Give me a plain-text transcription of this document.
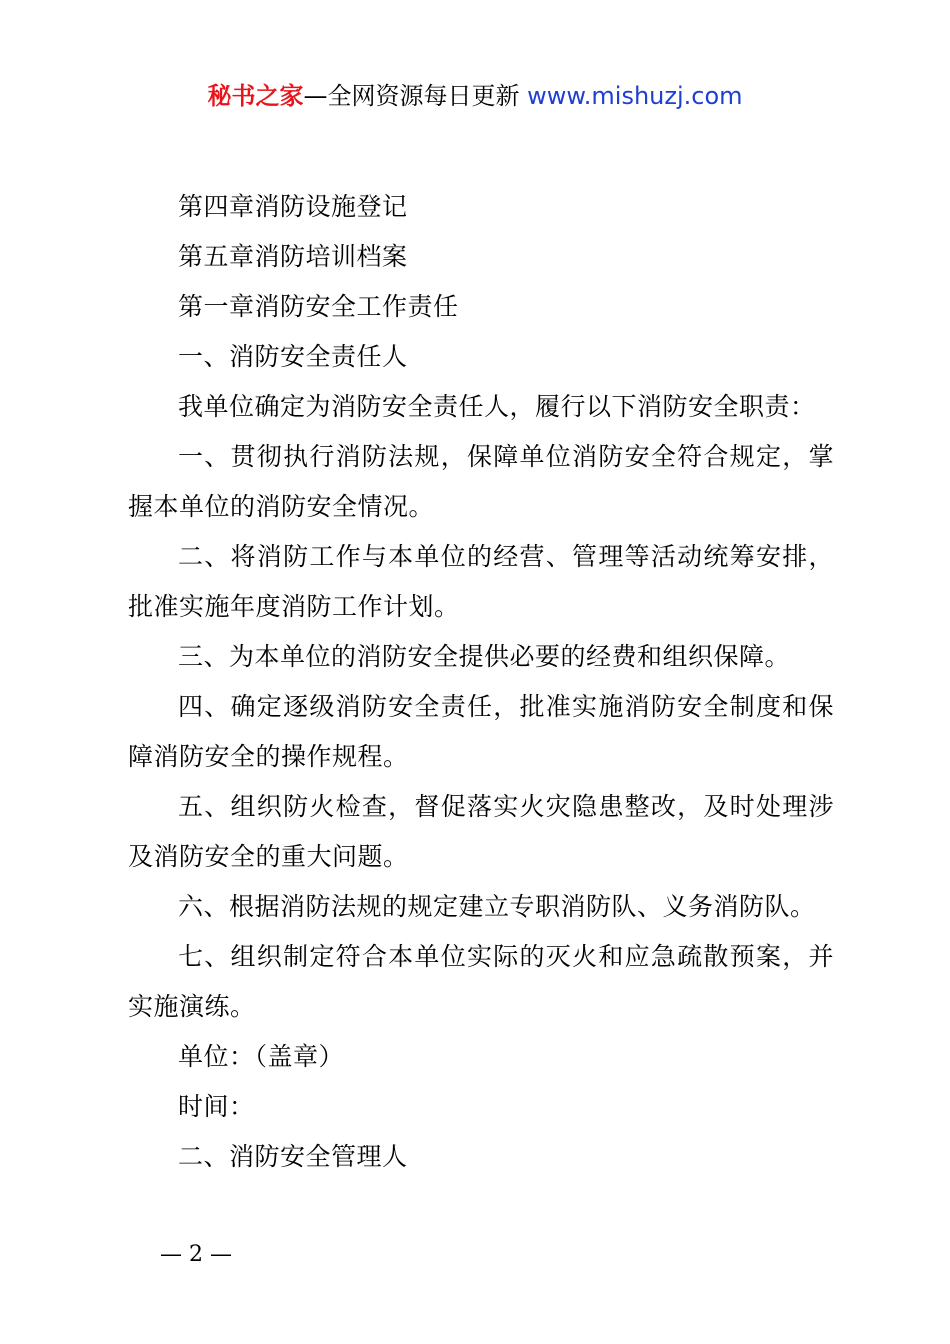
秘书之家—全网资源每日更新 www.mishuzj.com

第四章消防设施登记

第五章消防培训档案

第一章消防安全工作责任

一、消防安全责任人

我单位确定为消防安全责任人，履行以下消防安全职责：

一、贯彻执行消防法规，保障单位消防安全符合规定，掌握本单位的消防安全情况。

二、将消防工作与本单位的经营、管理等活动统筹安排，批准实施年度消防工作计划。

三、为本单位的消防安全提供必要的经费和组织保障。

四、确定逐级消防安全责任，批准实施消防安全制度和保障消防安全的操作规程。

五、组织防火检查，督促落实火灾隐患整改，及时处理涉及消防安全的重大问题。

六、根据消防法规的规定建立专职消防队、义务消防队。

七、组织制定符合本单位实际的灭火和应急疏散预案，并实施演练。

单位：（盖章）

时间：

二、消防安全管理人

— 2 —
